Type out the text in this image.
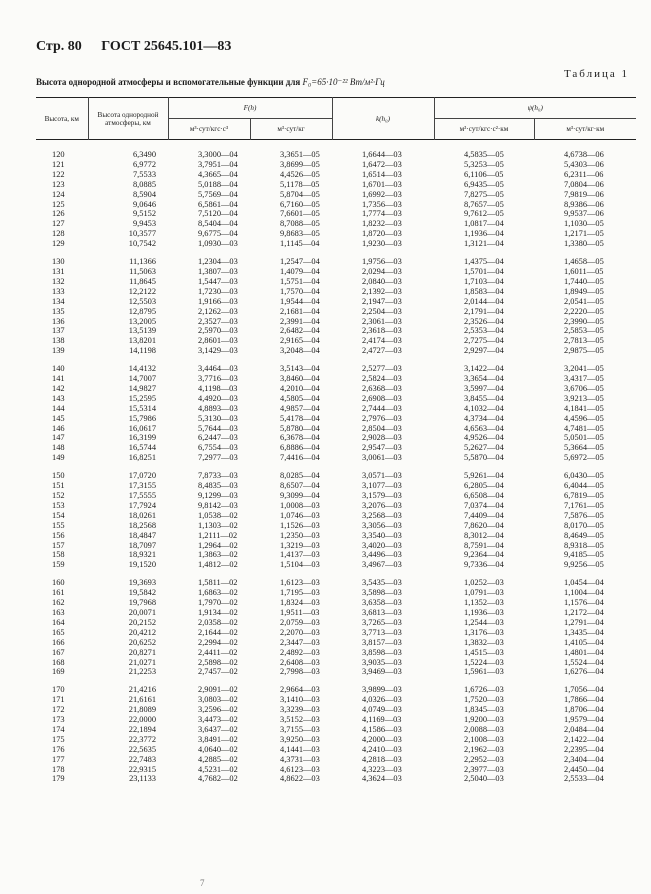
Стр. 80 ГОСТ 25645.101—83
Таблица 1
Высота однородной атмосферы и вспомогательные функции для F₀=65·10⁻²² Вт/м²·Гц
Высота, км	Высота однородной атмосферы, км	F(h)		k(h₀)	ψ(h₀)	
		м³·сут/кгс·с³	м³·сут/кг		м³·сут/кгс·с²·км	м³·сут/кг·км
120	6,3490	3,3000—04	3,3651—05	1,6644—03	4,5835—05	4,6738—06
121	6,9772	3,7951—04	3,8699—05	1,6472—03	5,3253—05	5,4303—06
122	7,5533	4,3665—04	4,4526—05	1,6514—03	6,1106—05	6,2311—06
123	8,0885	5,0188—04	5,1178—05	1,6701—03	6,9435—05	7,0804—06
124	8,5904	5,7569—04	5,8704—05	1,6992—03	7,8275—05	7,9819—06
125	9,0646	6,5861—04	6,7160—05	1,7356—03	8,7657—05	8,9386—06
126	9,5152	7,5120—04	7,6601—05	1,7774—03	9,7612—05	9,9537—06
127	9,9453	8,5404—04	8,7088—05	1,8232—03	1,0817—04	1,1030—05
128	10,3577	9,6775—04	9,8683—05	1,8720—03	1,1936—04	1,2171—05
129	10,7542	1,0930—03	1,1145—04	1,9230—03	1,3121—04	1,3380—05

130	11,1366	1,2304—03	1,2547—04	1,9756—03	1,4375—04	1,4658—05
131	11,5063	1,3807—03	1,4079—04	2,0294—03	1,5701—04	1,6011—05
132	11,8645	1,5447—03	1,5751—04	2,0840—03	1,7103—04	1,7440—05
133	12,2122	1,7230—03	1,7570—04	2,1392—03	1,8583—04	1,8949—05
134	12,5503	1,9166—03	1,9544—04	2,1947—03	2,0144—04	2,0541—05
135	12,8795	2,1262—03	2,1681—04	2,2504—03	2,1791—04	2,2220—05
136	13,2005	2,3527—03	2,3991—04	2,3061—03	2,3526—04	2,3990—05
137	13,5139	2,5970—03	2,6482—04	2,3618—03	2,5353—04	2,5853—05
138	13,8201	2,8601—03	2,9165—04	2,4174—03	2,7275—04	2,7813—05
139	14,1198	3,1429—03	3,2048—04	2,4727—03	2,9297—04	2,9875—05

140	14,4132	3,4464—03	3,5143—04	2,5277—03	3,1422—04	3,2041—05
141	14,7007	3,7716—03	3,8460—04	2,5824—03	3,3654—04	3,4317—05
142	14,9827	4,1198—03	4,2010—04	2,6368—03	3,5997—04	3,6706—05
143	15,2595	4,4920—03	4,5805—04	2,6908—03	3,8455—04	3,9213—05
144	15,5314	4,8893—03	4,9857—04	2,7444—03	4,1032—04	4,1841—05
145	15,7986	5,3130—03	5,4178—04	2,7976—03	4,3734—04	4,4596—05
146	16,0617	5,7644—03	5,8780—04	2,8504—03	4,6563—04	4,7481—05
147	16,3199	6,2447—03	6,3678—04	2,9028—03	4,9526—04	5,0501—05
148	16,5744	6,7554—03	6,8886—04	2,9547—03	5,2627—04	5,3664—05
149	16,8251	7,2977—03	7,4416—04	3,0061—03	5,5870—04	5,6972—05

150	17,0720	7,8733—03	8,0285—04	3,0571—03	5,9261—04	6,0430—05
151	17,3155	8,4835—03	8,6507—04	3,1077—03	6,2805—04	6,4044—05
152	17,5555	9,1299—03	9,3099—04	3,1579—03	6,6508—04	6,7819—05
153	17,7924	9,8142—03	1,0008—03	3,2076—03	7,0374—04	7,1761—05
154	18,0261	1,0538—02	1,0746—03	3,2568—03	7,4409—04	7,5876—05
155	18,2568	1,1303—02	1,1526—03	3,3056—03	7,8620—04	8,0170—05
156	18,4847	1,2111—02	1,2350—03	3,3540—03	8,3012—04	8,4649—05
157	18,7097	1,2964—02	1,3219—03	3,4020—03	8,7591—04	8,9318—05
158	18,9321	1,3863—02	1,4137—03	3,4496—03	9,2364—04	9,4185—05
159	19,1520	1,4812—02	1,5104—03	3,4967—03	9,7336—04	9,9256—05

160	19,3693	1,5811—02	1,6123—03	3,5435—03	1,0252—03	1,0454—04
161	19,5842	1,6863—02	1,7195—03	3,5898—03	1,0791—03	1,1004—04
162	19,7968	1,7970—02	1,8324—03	3,6358—03	1,1352—03	1,1576—04
163	20,0071	1,9134—02	1,9511—03	3,6813—03	1,1936—03	1,2172—04
164	20,2152	2,0358—02	2,0759—03	3,7265—03	1,2544—03	1,2791—04
165	20,4212	2,1644—02	2,2070—03	3,7713—03	1,3176—03	1,3435—04
166	20,6252	2,2994—02	2,3447—03	3,8157—03	1,3832—03	1,4105—04
167	20,8271	2,4411—02	2,4892—03	3,8598—03	1,4515—03	1,4801—04
168	21,0271	2,5898—02	2,6408—03	3,9035—03	1,5224—03	1,5524—04
169	21,2253	2,7457—02	2,7998—03	3,9469—03	1,5961—03	1,6276—04

170	21,4216	2,9091—02	2,9664—03	3,9899—03	1,6726—03	1,7056—04
171	21,6161	3,0803—02	3,1410—03	4,0326—03	1,7520—03	1,7866—04
172	21,8089	3,2596—02	3,3239—03	4,0749—03	1,8345—03	1,8706—04
173	22,0000	3,4473—02	3,5152—03	4,1169—03	1,9200—03	1,9579—04
174	22,1894	3,6437—02	3,7155—03	4,1586—03	2,0088—03	2,0484—04
175	22,3772	3,8491—02	3,9250—03	4,2000—03	2,1008—03	2,1422—04
176	22,5635	4,0640—02	4,1441—03	4,2410—03	2,1962—03	2,2395—04
177	22,7483	4,2885—02	4,3731—03	4,2818—03	2,2952—03	2,3404—04
178	22,9315	4,5231—02	4,6123—03	4,3223—03	2,3977—03	2,4450—04
179	23,1133	4,7682—02	4,8622—03	4,3624—03	2,5040—03	2,5533—04
7
